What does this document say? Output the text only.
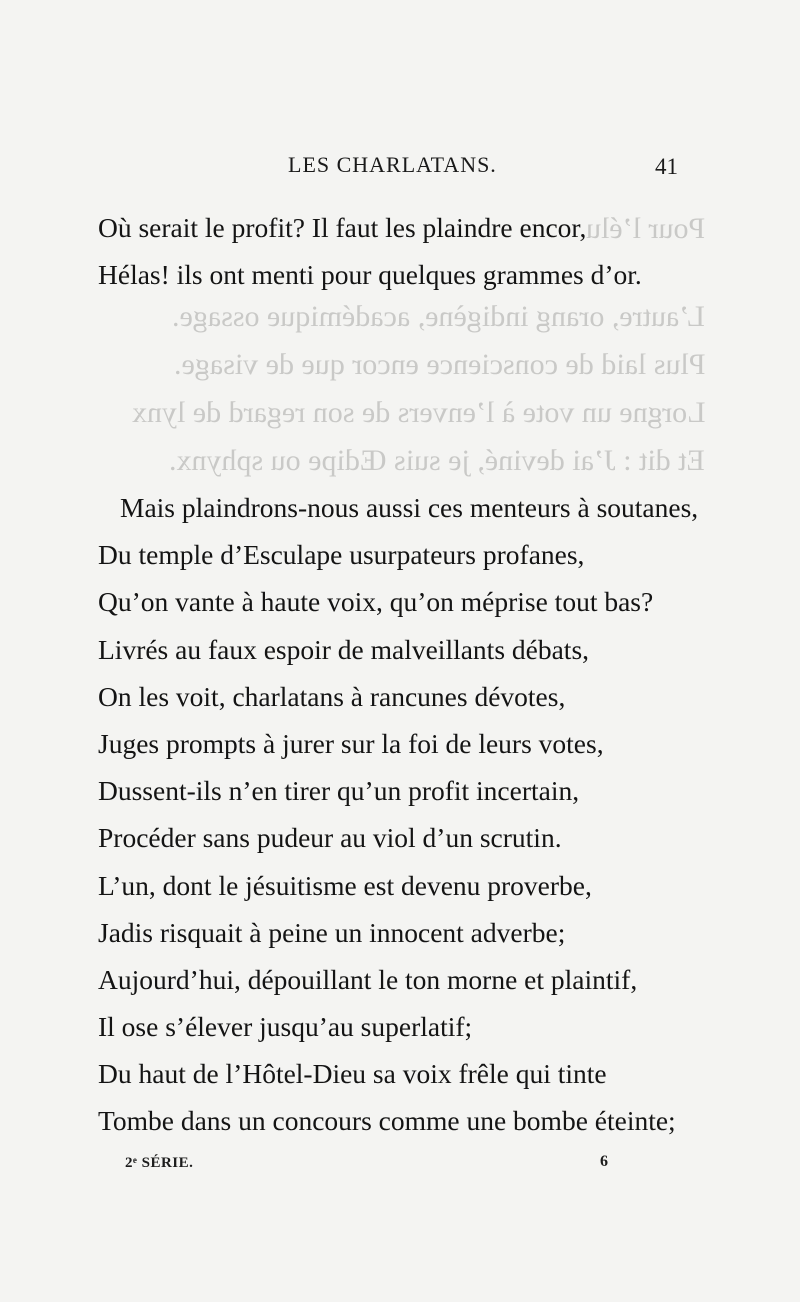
Pour l’élu
L’autre, orang indigène, académique ossage.
Plus laid de conscience encor que de visage.
Lorgne un vote à l’envers de son regard de lynx
Et dit : J’ai deviné, je suis Œdipe ou sphynx.
LES CHARLATANS.	41
Où serait le profit? Il faut les plaindre encor,
Hélas! ils ont menti pour quelques grammes d’or.
Mais plaindrons-nous aussi ces menteurs à soutanes,
Du temple d’Esculape usurpateurs profanes,
Qu’on vante à haute voix, qu’on méprise tout bas?
Livrés au faux espoir de malveillants débats,
On les voit, charlatans à rancunes dévotes,
Juges prompts à jurer sur la foi de leurs votes,
Dussent-ils n’en tirer qu’un profit incertain,
Procéder sans pudeur au viol d’un scrutin.
L’un, dont le jésuitisme est devenu proverbe,
Jadis risquait à peine un innocent adverbe;
Aujourd’hui, dépouillant le ton morne et plaintif,
Il ose s’élever jusqu’au superlatif;
Du haut de l’Hôtel-Dieu sa voix frêle qui tinte
Tombe dans un concours comme une bombe éteinte;
2ᵉ SÉRIE.	6
